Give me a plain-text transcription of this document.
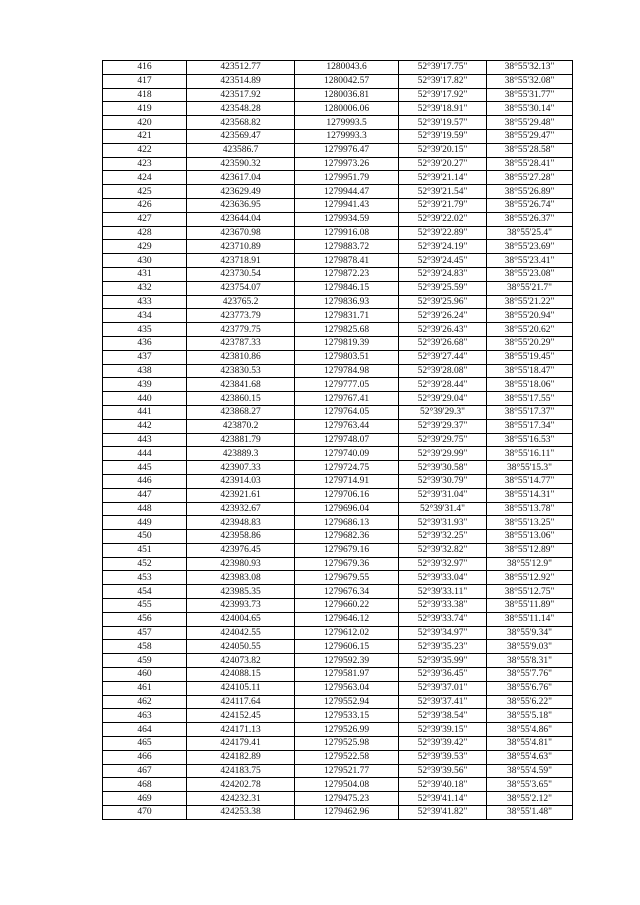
416	423512.77	1280043.6	52°39'17.75"	38°55'32.13"
417	423514.89	1280042.57	52°39'17.82"	38°55'32.08"
418	423517.92	1280036.81	52°39'17.92"	38°55'31.77"
419	423548.28	1280006.06	52°39'18.91"	38°55'30.14"
420	423568.82	1279993.5	52°39'19.57"	38°55'29.48"
421	423569.47	1279993.3	52°39'19.59"	38°55'29.47"
422	423586.7	1279976.47	52°39'20.15"	38°55'28.58"
423	423590.32	1279973.26	52°39'20.27"	38°55'28.41"
424	423617.04	1279951.79	52°39'21.14"	38°55'27.28"
425	423629.49	1279944.47	52°39'21.54"	38°55'26.89"
426	423636.95	1279941.43	52°39'21.79"	38°55'26.74"
427	423644.04	1279934.59	52°39'22.02"	38°55'26.37"
428	423670.98	1279916.08	52°39'22.89"	38°55'25.4"
429	423710.89	1279883.72	52°39'24.19"	38°55'23.69"
430	423718.91	1279878.41	52°39'24.45"	38°55'23.41"
431	423730.54	1279872.23	52°39'24.83"	38°55'23.08"
432	423754.07	1279846.15	52°39'25.59"	38°55'21.7"
433	423765.2	1279836.93	52°39'25.96"	38°55'21.22"
434	423773.79	1279831.71	52°39'26.24"	38°55'20.94"
435	423779.75	1279825.68	52°39'26.43"	38°55'20.62"
436	423787.33	1279819.39	52°39'26.68"	38°55'20.29"
437	423810.86	1279803.51	52°39'27.44"	38°55'19.45"
438	423830.53	1279784.98	52°39'28.08"	38°55'18.47"
439	423841.68	1279777.05	52°39'28.44"	38°55'18.06"
440	423860.15	1279767.41	52°39'29.04"	38°55'17.55"
441	423868.27	1279764.05	52°39'29.3"	38°55'17.37"
442	423870.2	1279763.44	52°39'29.37"	38°55'17.34"
443	423881.79	1279748.07	52°39'29.75"	38°55'16.53"
444	423889.3	1279740.09	52°39'29.99"	38°55'16.11"
445	423907.33	1279724.75	52°39'30.58"	38°55'15.3"
446	423914.03	1279714.91	52°39'30.79"	38°55'14.77"
447	423921.61	1279706.16	52°39'31.04"	38°55'14.31"
448	423932.67	1279696.04	52°39'31.4"	38°55'13.78"
449	423948.83	1279686.13	52°39'31.93"	38°55'13.25"
450	423958.86	1279682.36	52°39'32.25"	38°55'13.06"
451	423976.45	1279679.16	52°39'32.82"	38°55'12.89"
452	423980.93	1279679.36	52°39'32.97"	38°55'12.9"
453	423983.08	1279679.55	52°39'33.04"	38°55'12.92"
454	423985.35	1279676.34	52°39'33.11"	38°55'12.75"
455	423993.73	1279660.22	52°39'33.38"	38°55'11.89"
456	424004.65	1279646.12	52°39'33.74"	38°55'11.14"
457	424042.55	1279612.02	52°39'34.97"	38°55'9.34"
458	424050.55	1279606.15	52°39'35.23"	38°55'9.03"
459	424073.82	1279592.39	52°39'35.99"	38°55'8.31"
460	424088.15	1279581.97	52°39'36.45"	38°55'7.76"
461	424105.11	1279563.04	52°39'37.01"	38°55'6.76"
462	424117.64	1279552.94	52°39'37.41"	38°55'6.22"
463	424152.45	1279533.15	52°39'38.54"	38°55'5.18"
464	424171.13	1279526.99	52°39'39.15"	38°55'4.86"
465	424179.41	1279525.98	52°39'39.42"	38°55'4.81"
466	424182.89	1279522.58	52°39'39.53"	38°55'4.63"
467	424183.75	1279521.77	52°39'39.56"	38°55'4.59"
468	424202.78	1279504.08	52°39'40.18"	38°55'3.65"
469	424232.31	1279475.23	52°39'41.14"	38°55'2.12"
470	424253.38	1279462.96	52°39'41.82"	38°55'1.48"
